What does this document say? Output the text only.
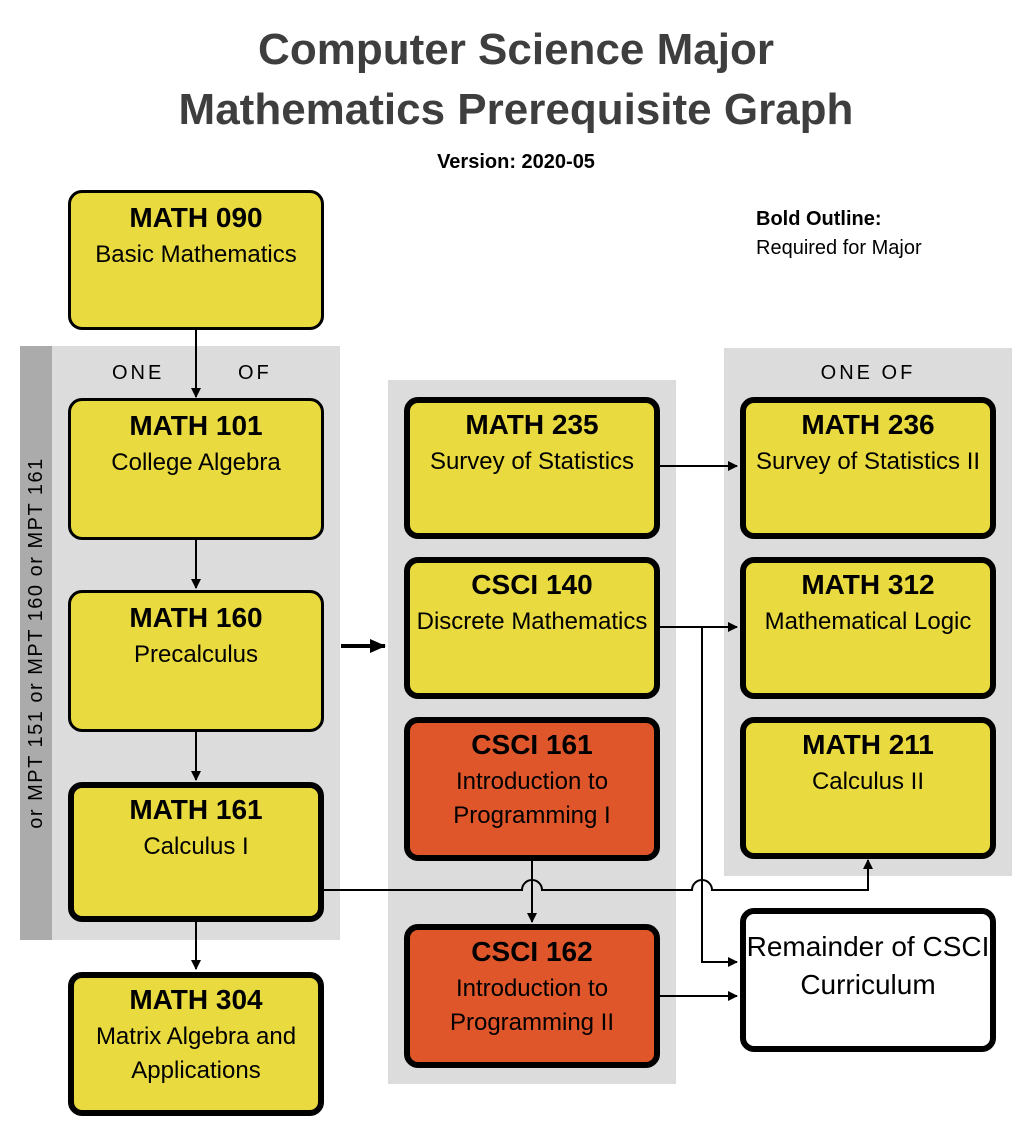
Computer Science Major
Mathematics Prerequisite Graph
Version: 2020-05
Bold Outline:
Required for Major
or MPT 151 or MPT 160 or MPT 161
ONE	OF	ONE OF
MATH 090
Basic Mathematics
MATH 101
College Algebra
MATH 160
Precalculus
MATH 161
Calculus I
MATH 304
Matrix Algebra and Applications
MATH 235
Survey of Statistics
CSCI 140
Discrete Mathematics
CSCI 161
Introduction to Programming I
CSCI 162
Introduction to Programming II
MATH 236
Survey of Statistics II
MATH 312
Mathematical Logic
MATH 211
Calculus II
Remainder of CSCI Curriculum
